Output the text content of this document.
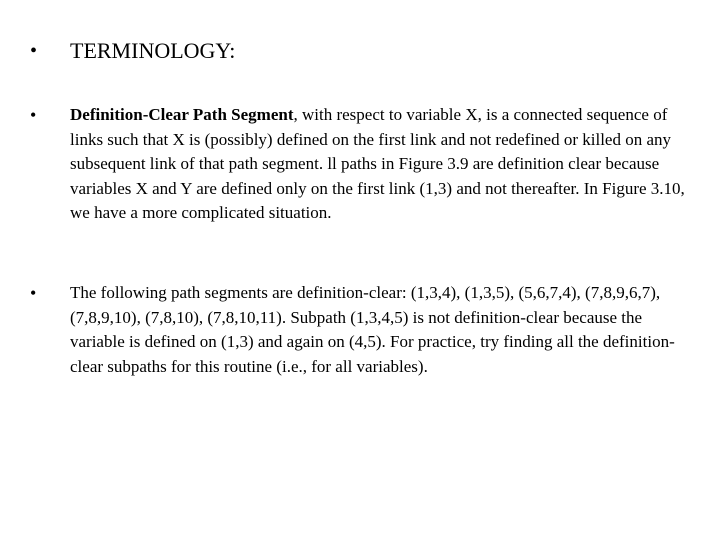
•	TERMINOLOGY:
•	Definition-Clear Path Segment, with respect to variable X, is a connected sequence of links such that X is (possibly) defined on the first link and not redefined or killed on any subsequent link of that path segment. ll paths in Figure 3.9 are definition clear because variables X and Y are defined only on the first link (1,3) and not thereafter. In Figure 3.10, we have a more complicated situation.
•	The following path segments are definition-clear: (1,3,4), (1,3,5), (5,6,7,4), (7,8,9,6,7), (7,8,9,10), (7,8,10), (7,8,10,11). Subpath (1,3,4,5) is not definition-clear because the variable is defined on (1,3) and again on (4,5). For practice, try finding all the definition-clear subpaths for this routine (i.e., for all variables).
